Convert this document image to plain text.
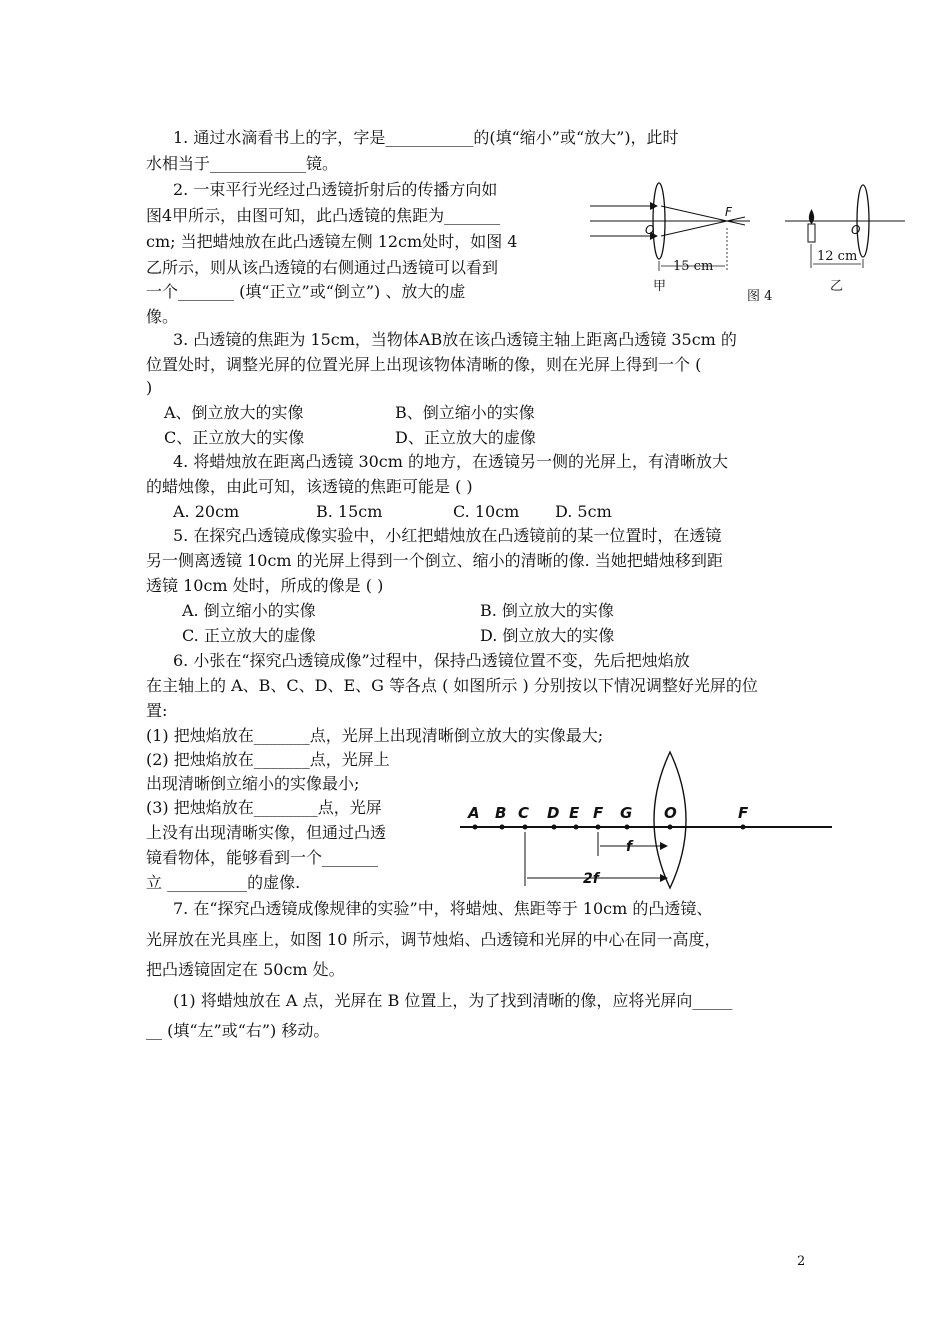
1. 通过水滴看书上的字，字是___________的(填“缩小”或“放大”)，此时
水相当于____________镜。
2. 一束平行光经过凸透镜折射后的传播方向如
图4甲所示，由图可知，此凸透镜的焦距为_______
cm; 当把蜡烛放在此凸透镜左侧 12cm处时，如图 4
乙所示，则从该凸透镜的右侧通过凸透镜可以看到
一个_______ (填“正立”或“倒立”) 、放大的虚
像。
F
O
15 cm
甲
O
12 cm
乙
图 4
3. 凸透镜的焦距为 15cm，当物体AB放在该凸透镜主轴上距离凸透镜 35cm 的
位置处时，调整光屏的位置光屏上出现该物体清晰的像，则在光屏上得到一个 (
)
A、倒立放大的实像	B、倒立缩小的实像
C、正立放大的实像	D、正立放大的虚像
4. 将蜡烛放在距离凸透镜 30cm 的地方，在透镜另一侧的光屏上，有清晰放大
的蜡烛像，由此可知，该透镜的焦距可能是 ( )
A. 20cm	B. 15cm	C. 10cm D. 5cm
5. 在探究凸透镜成像实验中，小红把蜡烛放在凸透镜前的某一位置时，在透镜
另一侧离透镜 10cm 的光屏上得到一个倒立、缩小的清晰的像. 当她把蜡烛移到距
透镜 10cm 处时，所成的像是 ( )
A. 倒立缩小的实像	B. 倒立放大的实像
C. 正立放大的虚像	D. 倒立放大的实像
6. 小张在“探究凸透镜成像”过程中，保持凸透镜位置不变，先后把烛焰放
在主轴上的 A、B、C、D、E、G 等各点 ( 如图所示 ) 分别按以下情况调整好光屏的位
置:
(1) 把烛焰放在_______点，光屏上出现清晰倒立放大的实像最大;
(2) 把烛焰放在_______点，光屏上
出现清晰倒立缩小的实像最小;
(3) 把烛焰放在________点，光屏
上没有出现清晰实像，但通过凸透
镜看物体，能够看到一个_______
立 __________的虚像.
A B C D E F G O	F
f
2f
7. 在“探究凸透镜成像规律的实验”中，将蜡烛、焦距等于 10cm 的凸透镜、
光屏放在光具座上，如图 10 所示，调节烛焰、凸透镜和光屏的中心在同一高度，
把凸透镜固定在 50cm 处。
(1) 将蜡烛放在 A 点，光屏在 B 位置上，为了找到清晰的像，应将光屏向_____
__ (填“左”或“右”) 移动。
2
